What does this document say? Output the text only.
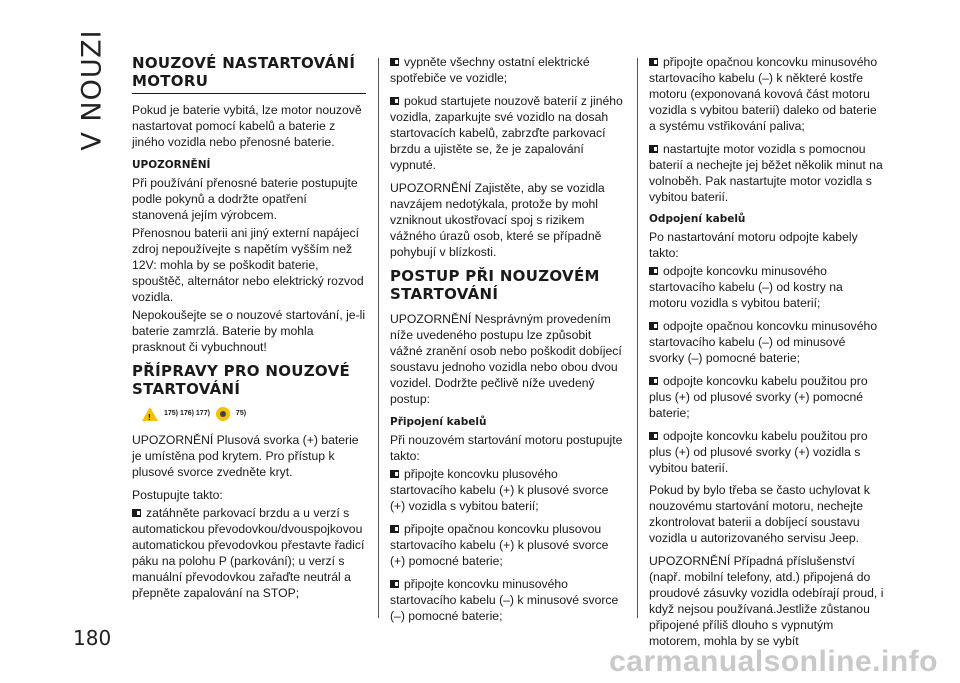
V NOUZI
180
NOUZOVÉ NASTARTOVÁNÍ MOTORU

Pokud je baterie vybitá, lze motor nouzově nastartovat pomocí kabelů a baterie z jiného vozidla nebo přenosné baterie.

UPOZORNĚNÍ

Při používání přenosné baterie postupujte podle pokynů a dodržte opatření stanovená jejím výrobcem.

Přenosnou baterii ani jiný externí napájecí zdroj nepoužívejte s napětím vyšším než 12V: mohla by se poškodit baterie, spouštěč, alternátor nebo elektrický rozvod vozidla.

Nepokoušejte se o nouzové startování, je-li baterie zamrzlá. Baterie by mohla prasknout či vybuchnout!

PŘÍPRAVY PRO NOUZOVÉ STARTOVÁNÍ
!
175) 176) 177)	75)

UPOZORNĚNÍ Plusová svorka (+) baterie je umístěna pod krytem. Pro přístup k plusové svorce zvedněte kryt.

Postupujte takto:

zatáhněte parkovací brzdu a u verzí s automatickou převodovkou/dvouspojkovou automatickou převodovkou přestavte řadicí páku na polohu P (parkování); u verzí s manuální převodovkou zařaďte neutrál a přepněte zapalování na STOP;

vypněte všechny ostatní elektrické spotřebiče ve vozidle;

pokud startujete nouzově baterií z jiného vozidla, zaparkujte své vozidlo na dosah startovacích kabelů, zabrzďte parkovací brzdu a ujistěte se, že je zapalování vypnuté.

UPOZORNĚNÍ Zajistěte, aby se vozidla navzájem nedotýkala, protože by mohl vzniknout ukostřovací spoj s rizikem vážného úrazů osob, které se případně pohybují v blízkosti.

POSTUP PŘI NOUZOVÉM STARTOVÁNÍ

UPOZORNĚNÍ Nesprávným provedením níže uvedeného postupu lze způsobit vážné zranění osob nebo poškodit dobíjecí soustavu jednoho vozidla nebo obou dvou vozidel. Dodržte pečlivě níže uvedený postup:

Připojení kabelů

Při nouzovém startování motoru postupujte takto:

připojte koncovku plusového startovacího kabelu (+) k plusové svorce (+) vozidla s vybitou baterií;

připojte opačnou koncovku plusovou startovacího kabelu (+) k plusové svorce (+) pomocné baterie;

připojte koncovku minusového startovacího kabelu (–) k minusové svorce (–) pomocné baterie;

připojte opačnou koncovku minusového startovacího kabelu (–) k některé kostře motoru (exponovaná kovová část motoru vozidla s vybitou baterií) daleko od baterie a systému vstřikování paliva;

nastartujte motor vozidla s pomocnou baterií a nechejte jej běžet několik minut na volnoběh. Pak nastartujte motor vozidla s vybitou baterií.

Odpojení kabelů

Po nastartování motoru odpojte kabely takto:

odpojte koncovku minusového startovacího kabelu (–) od kostry na motoru vozidla s vybitou baterií;

odpojte opačnou koncovku minusového startovacího kabelu (–) od minusové svorky (–) pomocné baterie;

odpojte koncovku kabelu použitou pro plus (+) od plusové svorky (+) pomocné baterie;

odpojte koncovku kabelu použitou pro plus (+) od plusové svorky (+) vozidla s vybitou baterií.

Pokud by bylo třeba se často uchylovat k nouzovému startování motoru, nechejte zkontrolovat baterii a dobíjecí soustavu vozidla u autorizovaného servisu Jeep.

UPOZORNĚNÍ Případná příslušenství (např. mobilní telefony, atd.) připojená do proudové zásuvky vozidla odebírají proud, i když nejsou používaná.Jestliže zůstanou připojené příliš dlouho s vypnutým motorem, mohla by se vybít

carmanualsonline.info
